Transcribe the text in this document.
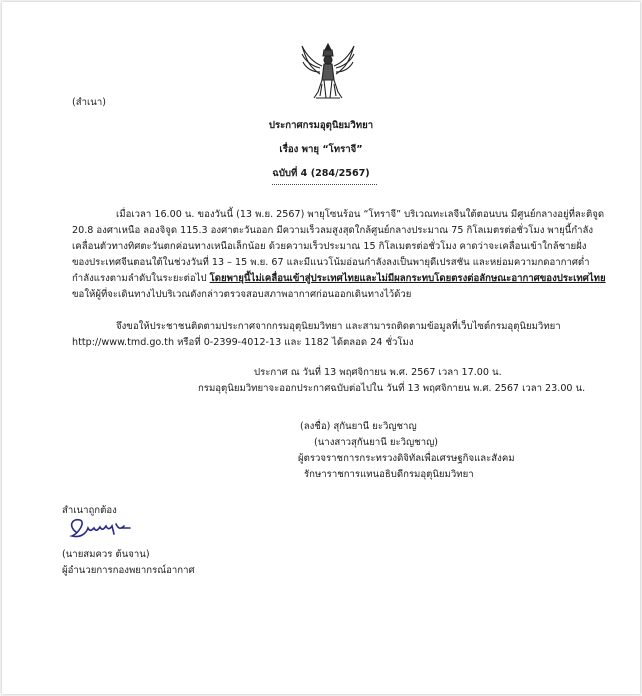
(สำเนา)
ประกาศกรมอุตุนิยมวิทยา
เรื่อง พายุ “โทราจี”
ฉบับที่ 4 (284/2567)
เมื่อเวลา 16.00 น. ของวันนี้ (13 พ.ย. 2567) พายุโซนร้อน “โทราจี” บริเวณทะเลจีนใต้ตอนบน มีศูนย์กลางอยู่ที่ละติจูด
20.8 องศาเหนือ ลองจิจูด 115.3 องศาตะวันออก มีความเร็วลมสูงสุดใกล้ศูนย์กลางประมาณ 75 กิโลเมตรต่อชั่วโมง พายุนี้กำลัง
เคลื่อนตัวทางทิศตะวันตกค่อนทางเหนือเล็กน้อย ด้วยความเร็วประมาณ 15 กิโลเมตรต่อชั่วโมง คาดว่าจะเคลื่อนเข้าใกล้ชายฝั่ง
ของประเทศจีนตอนใต้ในช่วงวันที่ 13 – 15 พ.ย. 67 และมีแนวโน้มอ่อนกำลังลงเป็นพายุดีเปรสชัน และหย่อมความกดอากาศต่ำ
กำลังแรงตามลำดับในระยะต่อไป โดยพายุนี้ไม่เคลื่อนเข้าสู่ประเทศไทยและไม่มีผลกระทบโดยตรงต่อลักษณะอากาศของประเทศไทย
ขอให้ผู้ที่จะเดินทางไปบริเวณดังกล่าวตรวจสอบสภาพอากาศก่อนออกเดินทางไว้ด้วย
จึงขอให้ประชาชนติดตามประกาศจากกรมอุตุนิยมวิทยา และสามารถติดตามข้อมูลที่เว็บไซต์กรมอุตุนิยมวิทยา
http://www.tmd.go.th หรือที่ 0-2399-4012-13 และ 1182 ได้ตลอด 24 ชั่วโมง
ประกาศ ณ วันที่ 13 พฤศจิกายน พ.ศ. 2567 เวลา 17.00 น.
กรมอุตุนิยมวิทยาจะออกประกาศฉบับต่อไปใน วันที่ 13 พฤศจิกายน พ.ศ. 2567 เวลา 23.00 น.
(ลงชื่อ) สุกันยานี ยะวิญชาญ
(นางสาวสุกันยานี ยะวิญชาญ)
ผู้ตรวจราชการกระทรวงดิจิทัลเพื่อเศรษฐกิจและสังคม
รักษาราชการแทนอธิบดีกรมอุตุนิยมวิทยา
สำเนาถูกต้อง
(นายสมควร ต้นจาน)
ผู้อำนวยการกองพยากรณ์อากาศ
